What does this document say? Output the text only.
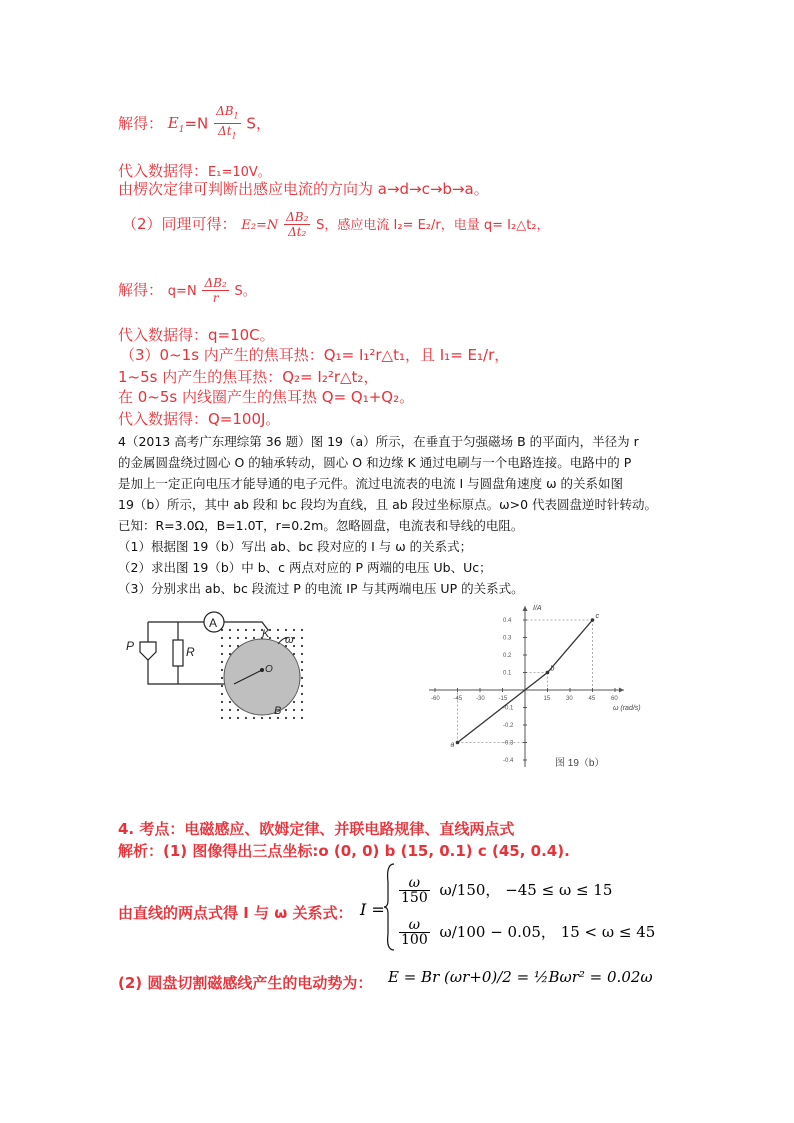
解得： $E_1=N \frac{\Delta B_1}{\Delta t_1}$ S，
代入数据得：E₁=10V。
由楞次定律可判断出感应电流的方向为 a→d→c→b→a。
（2）同理可得： $E_2=N \frac{\text{ΔB₂}}{\text{Δt₂}}$ S，感应电流 I₂= E₂/r，电量 q= I₂△t₂，
解得： $q=N \frac{\text{ΔB₂}}{r}$ S。
代入数据得：q=10C。
（3）0~1s 内产生的焦耳热：Q₁= I₁²r△t₁，且 I₁= E₁/r，
1~5s 内产生的焦耳热：Q₂= I₂²r△t₂，
在 0~5s 内线圈产生的焦耳热 Q= Q₁+Q₂。
代入数据得：Q=100J。
4（2013 高考广东理综第 36 题）图 19（a）所示，在垂直于匀强磁场 B 的平面内，半径为 r
的金属圆盘绕过圆心 O 的轴承转动，圆心 O 和边缘 K 通过电刷与一个电路连接。电路中的 P
是加上一定正向电压才能导通的电子元件。流过电流表的电流 I 与圆盘角速度 ω 的关系如图
19（b）所示，其中 ab 段和 bc 段均为直线，且 ab 段过坐标原点。ω>0 代表圆盘逆时针转动。
已知：R=3.0Ω，B=1.0T，r=0.2m。忽略圆盘，电流表和导线的电阻。
（1）根据图 19（b）写出 ab、bc 段对应的 I 与 ω 的关系式；
（2）求出图 19（b）中 b、c 两点对应的 P 两端的电压 Ub、Uc；
（3）分别求出 ab、bc 段流过 P 的电流 IP 与其两端电压 UP 的关系式。
P	R
A
K
O
B
ω
-60 -45 -30 -15	15	30	45	60
0.4
0.3
0.2
0.1
-0.1
-0.2
-0.3
-0.4
a
b
c
ω (rad/s)
I/A
图 19（b）
4. 考点：电磁感应、欧姆定律、并联电路规律、直线两点式
解析：(1) 图像得出三点坐标:o (0, 0) b (15, 0.1) c (45, 0.4).
由直线的两点式得 I 与 ω 关系式： I =
$\frac{\omega}{150} \omega/150$， −45 ≤ ω ≤ 15
$\frac{\omega}{100} \omega/100 - 0.05$， 15 < ω ≤ 45
(2) 圆盘切割磁感线产生的电动势为： E = Br (ωr+0)/2 = ½Bωr² = 0.02ω
